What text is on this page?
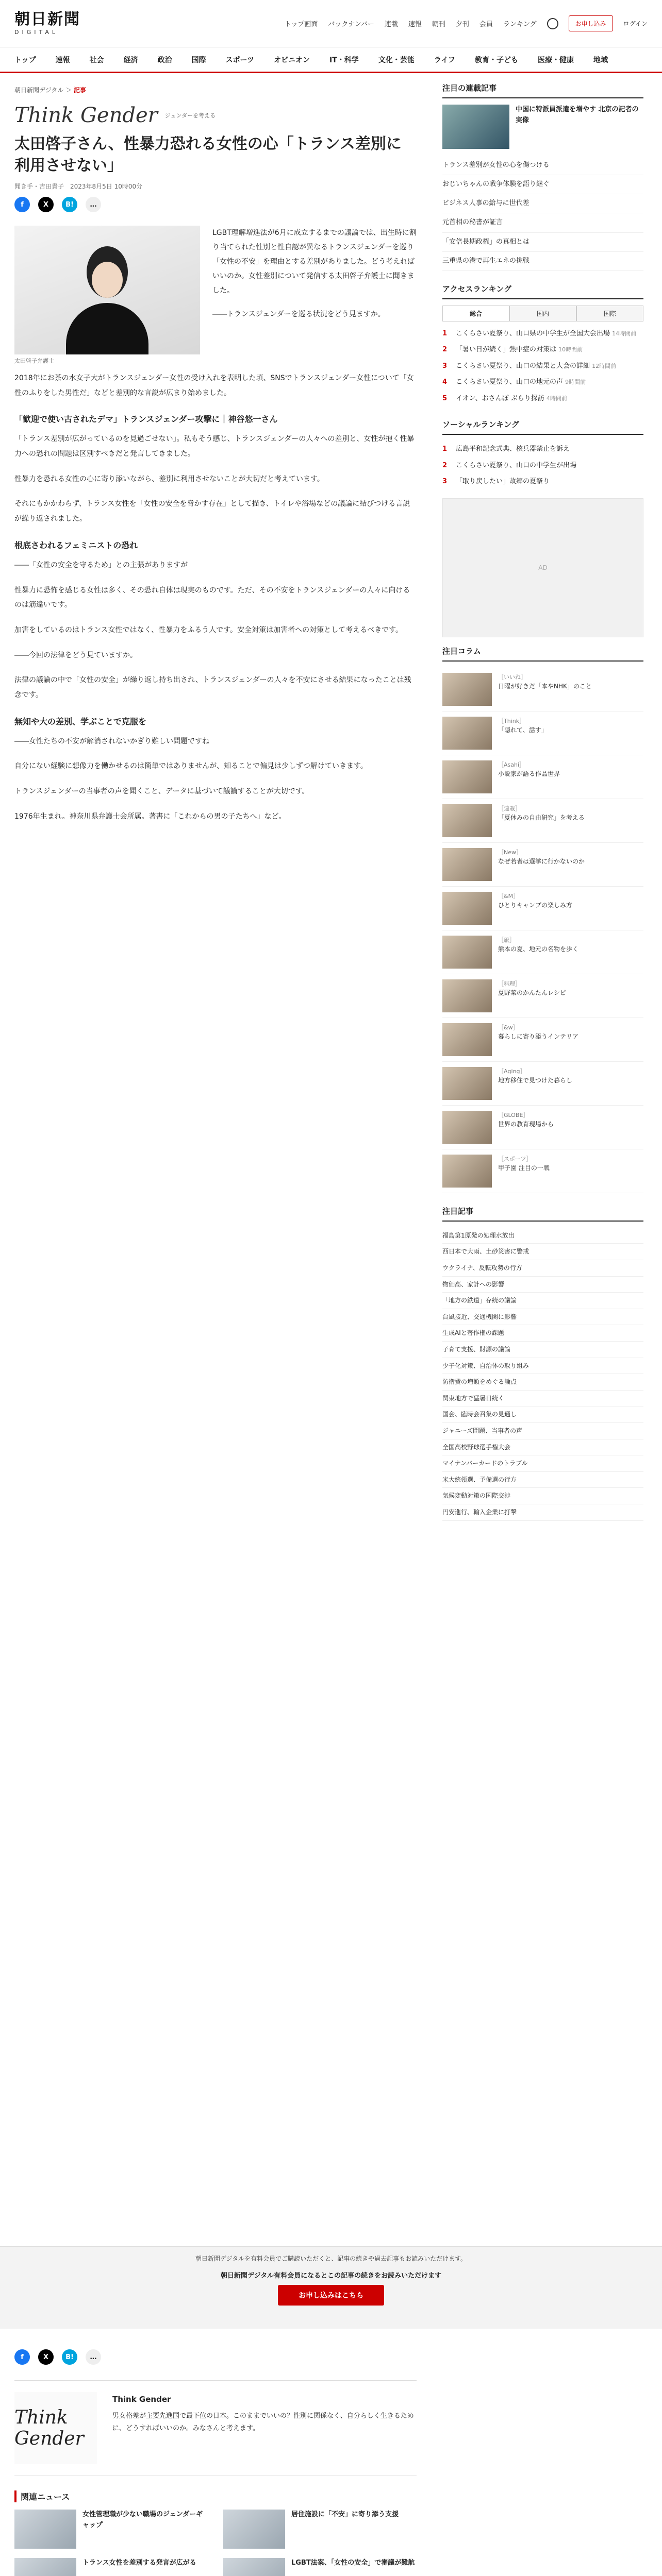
朝日新聞
DIGITAL
トップ画面 バックナンバー 連載 速報 朝刊 夕刊 会員 ランキング	お申し込み	ログイン
トップ	速報	社会	経済	政治	国際	スポーツ	オピニオン	IT・科学	文化・芸能	ライフ	教育・子ども	医療・健康	地域
朝日新聞デジタル ＞ 記事
Think Gender ジェンダーを考える
太田啓子さん、性暴力恐れる女性の心「トランス差別に利用させない」
聞き手・吉田貴子　2023年8月5日 10時00分
f	X	B!	…
太田啓子弁護士

LGBT理解増進法が6月に成立するまでの議論では、出生時に割り当てられた性別と性自認が異なるトランスジェンダーを巡り「女性の不安」を理由とする差別がありました。どう考えればいいのか。女性差別について発信する太田啓子弁護士に聞きました。

――トランスジェンダーを巡る状況をどう見ますか。

2018年にお茶の水女子大がトランスジェンダー女性の受け入れを表明した頃、SNSでトランスジェンダー女性について「女性のふりをした男性だ」などと差別的な言説が広まり始めました。

「歓迎で使い古されたデマ」トランスジェンダー攻撃に｜神谷悠一さん

「トランス差別が広がっているのを見過ごせない」。私もそう感じ、トランスジェンダーの人々への差別と、女性が抱く性暴力への恐れの問題は区別すべきだと発言してきました。

性暴力を恐れる女性の心に寄り添いながら、差別に利用させないことが大切だと考えています。

それにもかかわらず、トランス女性を「女性の安全を脅かす存在」として描き、トイレや浴場などの議論に結びつける言説が繰り返されました。

根底さわれるフェミニストの恐れ

――「女性の安全を守るため」との主張がありますが

性暴力に恐怖を感じる女性は多く、その恐れ自体は現実のものです。ただ、その不安をトランスジェンダーの人々に向けるのは筋違いです。

加害をしているのはトランス女性ではなく、性暴力をふるう人です。安全対策は加害者への対策として考えるべきです。

――今回の法律をどう見ていますか。

法律の議論の中で「女性の安全」が繰り返し持ち出され、トランスジェンダーの人々を不安にさせる結果になったことは残念です。

無知や大の差別、学ぶことで克服を

――女性たちの不安が解消されないかぎり難しい問題ですね

自分にない経験に想像力を働かせるのは簡単ではありませんが、知ることで偏見は少しずつ解けていきます。

トランスジェンダーの当事者の声を聞くこと、データに基づいて議論することが大切です。

1976年生まれ。神奈川県弁護士会所属。著書に「これからの男の子たちへ」など。

注目の連載記事
中国に特派員派遣を増やす 北京の記者の実像
トランス差別が女性の心を傷つける
おじいちゃんの戦争体験を語り継ぐ
ビジネス人事の給与に世代差
元首相の秘書が証言
「安倍長期政権」の真相とは
三重県の港で再生エネの挑戦
アクセスランキング
総合	国内	国際
1	こくらさい夏祭り、山口県の中学生が全国大会出場 14時間前
2	「暑い日が続く」熱中症の対策は 10時間前
3	こくらさい夏祭り、山口の結果と大会の詳細 12時間前
4	こくらさい夏祭り、山口の地元の声 9時間前
5	イオン、おさんぽ ぶらり探訪 4時間前
ソーシャルランキング
1	広島平和記念式典、核兵器禁止を訴え
2	こくらさい夏祭り、山口の中学生が出場
3	「取り戻したい」故郷の夏祭り
AD
注目コラム
［いいね］
日曜が好きだ「本やNHK」のこと
［Think］
「隠れて、話す」
［Asahi］
小説家が語る作品世界
［連載］
「夏休みの自由研究」を考える
［New］
なぜ若者は選挙に行かないのか
［&M］
ひとりキャンプの楽しみ方
［旅］
熊本の夏、地元の名物を歩く
［料理］
夏野菜のかんたんレシピ
［&w］
暮らしに寄り添うインテリア
［Aging］
地方移住で見つけた暮らし
［GLOBE］
世界の教育現場から
［スポーツ］
甲子園 注目の一戦
注目記事
福島第1原発の処理水放出
西日本で大雨、土砂災害に警戒
ウクライナ、反転攻勢の行方
物価高、家計への影響
「地方の鉄道」存続の議論
台風接近、交通機関に影響
生成AIと著作権の課題
子育て支援、財源の議論
少子化対策、自治体の取り組み
防衛費の増額をめぐる論点
関東地方で猛暑日続く
国会、臨時会召集の見通し
ジャニーズ問題、当事者の声
全国高校野球選手権大会
マイナンバーカードのトラブル
米大統領選、予備選の行方
気候変動対策の国際交渉
円安進行、輸入企業に打撃
朝日新聞デジタルを有料会員でご購読いただくと、記事の続きや過去記事もお読みいただけます。
朝日新聞デジタル有料会員になるとこの記事の続きをお読みいただけます
お申し込みはこちら
f	X	B!	…
Think Gender
Think Gender
男女格差が主要先進国で最下位の日本。このままでいいの？性別に関係なく、自分らしく生きるために、どうすればいいのか。みなさんと考えます。
関連ニュース
女性管理職が少ない職場のジェンダーギャップ
居住施設に「不安」に寄り添う支援
トランス女性を差別する発言が広がる	LGBT法案、「女性の安全」で審議が難航
